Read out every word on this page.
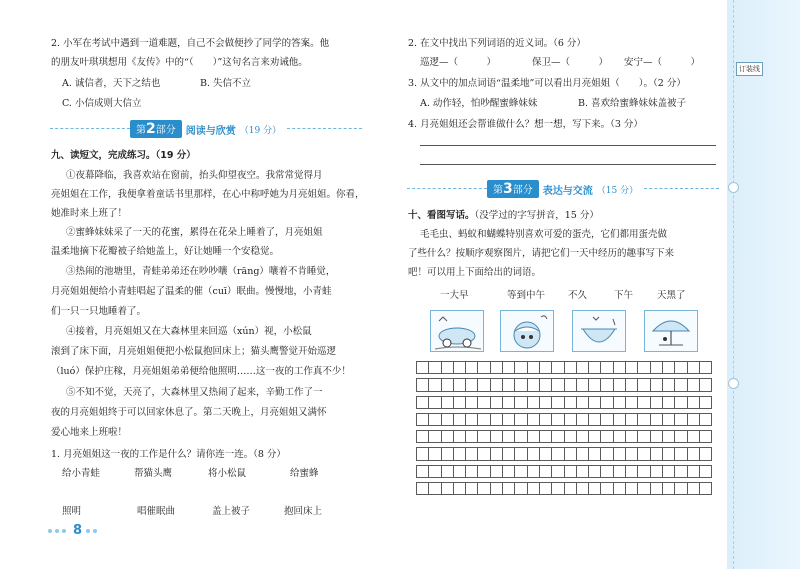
订装线
2. 小军在考试中遇到一道难题，自己不会做便抄了同学的答案。他
的朋友叶琪琪想用《友传》中的“（　　）”这句名言来劝诫他。
A. 诚信者，天下之结也	B. 失信不立
C. 小信成则大信立
第2部分	阅读与欣赏 （19 分）
九、读短文，完成练习。（19 分）
①夜幕降临，我喜欢站在窗前，抬头仰望夜空。我常常觉得月
亮姐姐在工作，我便拿着童话书里那样，在心中称呼她为月亮姐姐。你看，
她准时来上班了！
②蜜蜂妹妹采了一天的花蜜，累得在花朵上睡着了，月亮姐姐
温柔地摘下花瓣被子给她盖上，好让她睡一个安稳觉。
③热闹的池塘里，青蛙弟弟还在吵吵嚷（rāng）嚷着不肯睡觉，
月亮姐姐便给小青蛙唱起了温柔的催（cuī）眠曲。慢慢地，小青蛙
们一只一只地睡着了。
④接着，月亮姐姐又在大森林里来回巡（xún）视，小松鼠
滚到了床下面，月亮姐姐便把小松鼠抱回床上；猫头鹰警觉开始巡逻
（luó）保护庄稼，月亮姐姐弟弟便给他照明……这一夜的工作真不少！
⑤不知不觉，天亮了，大森林里又热闹了起来，辛勤工作了一
夜的月亮姐姐终于可以回家休息了。第二天晚上，月亮姐姐又满怀
爱心地来上班啦！
1. 月亮姐姐这一夜的工作是什么？请你连一连。（8 分）
给小青蛙	帮猫头鹰	将小松鼠	给蜜蜂
照明	唱催眠曲	盖上被子	抱回床上
8
2. 在文中找出下列词语的近义词。（6 分）
巡逻—（　　　）	保卫—（　　　） 安宁—（　　　）
3. 从文中的加点词语“温柔地”可以看出月亮姐姐（　　）。（2 分）
A. 动作轻，怕吵醒蜜蜂妹妹	B. 喜欢给蜜蜂妹妹盖被子
4. 月亮姐姐还会帮谁做什么？想一想，写下来。（3 分）
第3部分	表达与交流 （15 分）
十、看图写话。（没学过的字写拼音，15 分）
毛毛虫、蚂蚁和蝴蝶特别喜欢可爱的蛋壳，它们都用蛋壳做
了些什么？按顺序观察图片，请把它们一天中经历的趣事写下来
吧！可以用上下面给出的词语。
一大早	等到中午 不久	下午	天黑了
